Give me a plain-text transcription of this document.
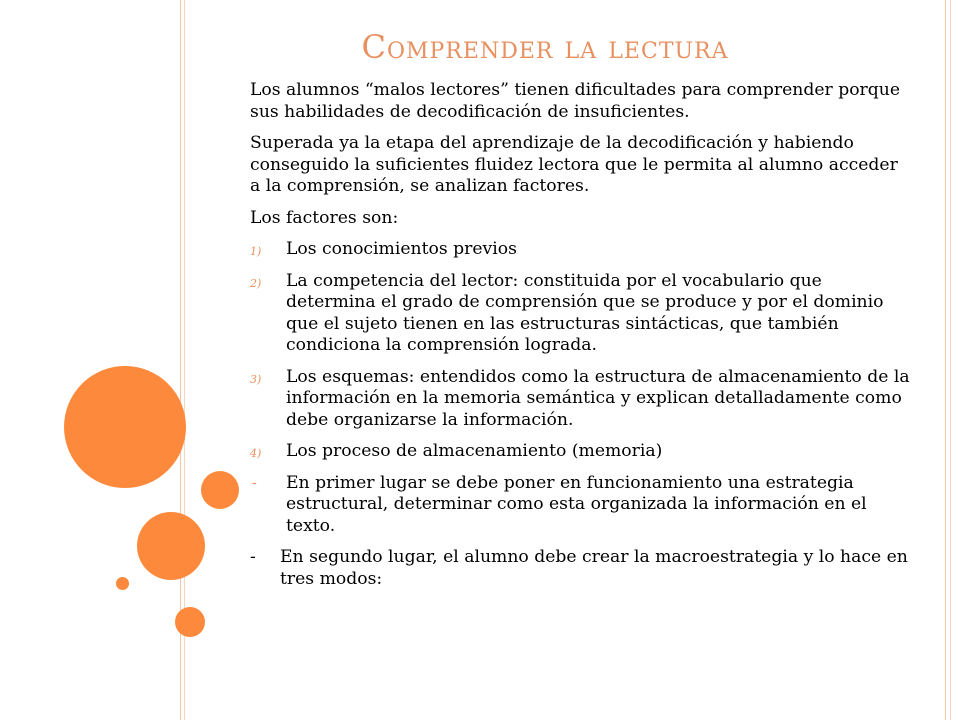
Comprender la lectura

Los alumnos “malos lectores” tienen dificultades para comprender porque sus habilidades de decodificación de insuficientes.

Superada ya la etapa del aprendizaje de la decodificación y habiendo conseguido la suficientes fluidez lectora que le permita al alumno acceder a la comprensión, se analizan factores.

Los factores son:

1) Los conocimientos previos
2) La competencia del lector: constituida por el vocabulario que determina el grado de comprensión que se produce y por el dominio que el sujeto tienen en las estructuras sintácticas, que también condiciona la comprensión lograda.
3) Los esquemas: entendidos como la estructura de almacenamiento de la información en la memoria semántica y explican detalladamente como debe organizarse la información.
4) Los proceso de almacenamiento (memoria)
- En primer lugar se debe poner en funcionamiento una estrategia estructural, determinar como esta organizada la información en el texto.
- En segundo lugar, el alumno debe crear la macroestrategia y lo hace en tres modos:
